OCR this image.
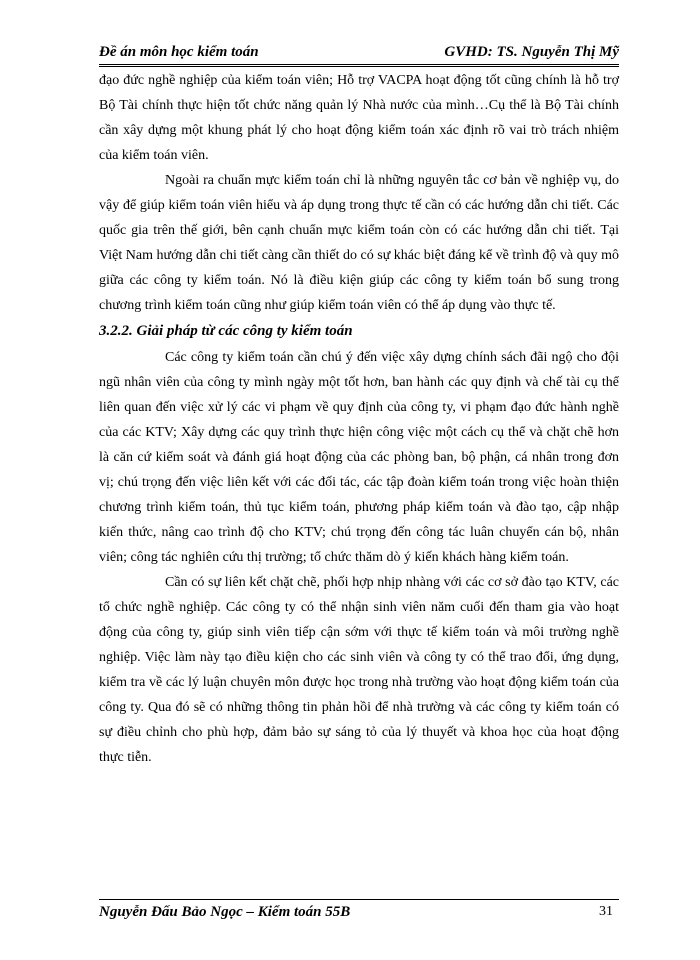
Đề án môn học kiểm toán	GVHD: TS. Nguyễn Thị Mỹ

đạo đức nghề nghiệp của kiểm toán viên; Hỗ trợ VACPA hoạt động tốt cũng chính là hỗ trợ Bộ Tài chính thực hiện tốt chức năng quản lý Nhà nước của mình…Cụ thể là Bộ Tài chính cần xây dựng một khung phát lý cho hoạt động kiểm toán xác định rõ vai trò trách nhiệm của kiểm toán viên.

Ngoài ra chuẩn mực kiểm toán chỉ là những nguyên tắc cơ bản về nghiệp vụ, do vậy để giúp kiểm toán viên hiểu và áp dụng trong thực tế cần có các hướng dẫn chi tiết. Các quốc gia trên thế giới, bên cạnh chuẩn mực kiểm toán còn có các hướng dẫn chi tiết. Tại Việt Nam hướng dẫn chi tiết càng cần thiết do có sự khác biệt đáng kể về trình độ và quy mô giữa các công ty kiểm toán. Nó là điều kiện giúp các công ty kiểm toán bổ sung trong chương trình kiểm toán cũng như giúp kiểm toán viên có thể áp dụng vào thực tế.

3.2.2. Giải pháp từ các công ty kiểm toán

Các công ty kiểm toán cần chú ý đến việc xây dựng chính sách đãi ngộ cho đội ngũ nhân viên của công ty mình ngày một tốt hơn, ban hành các quy định và chế tài cụ thể liên quan đến việc xử lý các vi phạm về quy định của công ty, vi phạm đạo đức hành nghề của các KTV; Xây dựng các quy trình thực hiện công việc một cách cụ thể và chặt chẽ hơn là căn cứ kiểm soát và đánh giá hoạt động của các phòng ban, bộ phận, cá nhân trong đơn vị; chú trọng đến việc liên kết với các đối tác, các tập đoàn kiểm toán trong việc hoàn thiện chương trình kiểm toán, thủ tục kiểm toán, phương pháp kiểm toán và đào tạo, cập nhập kiến thức, nâng cao trình độ cho KTV; chú trọng đến công tác luân chuyển cán bộ, nhân viên; công tác nghiên cứu thị trường; tổ chức thăm dò ý kiến khách hàng kiểm toán.

Cần có sự liên kết chặt chẽ, phối hợp nhịp nhàng với các cơ sở đào tạo KTV, các tổ chức nghề nghiệp. Các công ty có thể nhận sinh viên năm cuối đến tham gia vào hoạt động của công ty, giúp sinh viên tiếp cận sớm với thực tế kiểm toán và môi trường nghề nghiệp. Việc làm này tạo điều kiện cho các sinh viên và công ty có thể trao đổi, ứng dụng, kiểm tra về các lý luận chuyên môn được học trong nhà trường vào hoạt động kiểm toán của công ty. Qua đó sẽ có những thông tin phản hồi để nhà trường và các công ty kiểm toán có sự điều chỉnh cho phù hợp, đảm bảo sự sáng tỏ của lý thuyết và khoa học của hoạt động thực tiễn.

Nguyễn Đấu Bảo Ngọc – Kiểm toán 55B	31
